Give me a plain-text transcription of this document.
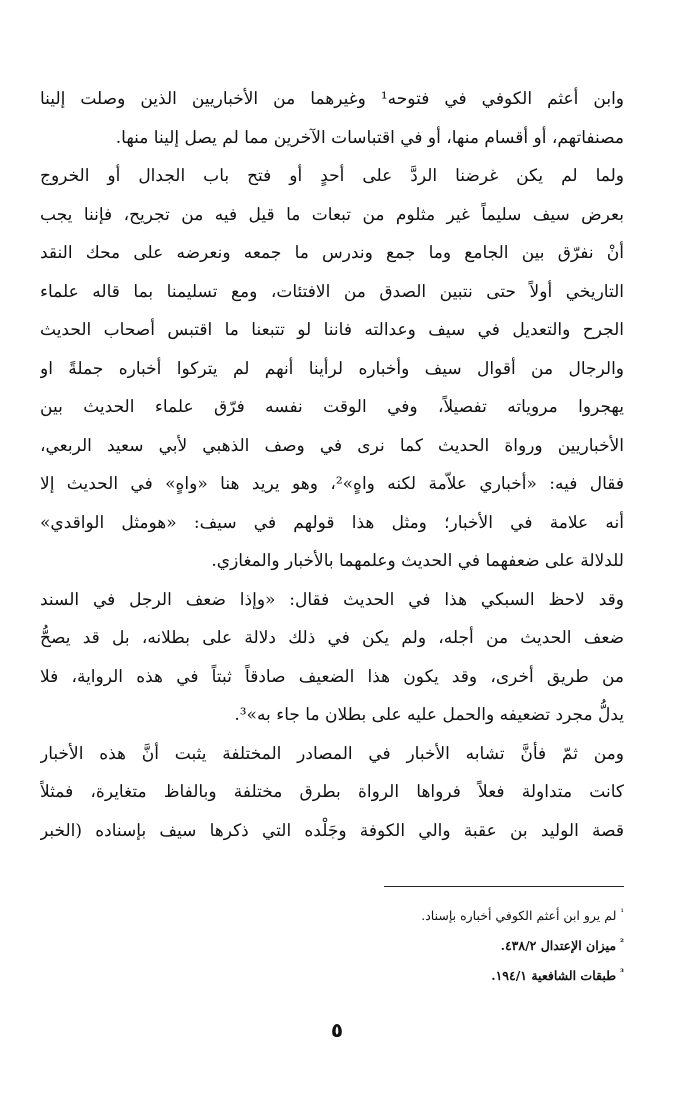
وابن أعثم الكوفي في فتوحه¹ وغيرهما من الأخباريين الذين وصلت إلينا
مصنفاتهم، أو أقسام منها، أو في اقتباسات الآخرين مما لم يصل إلينا منها.
ولما لم يكن غرضنا الردَّ على أحدٍ أو فتح باب الجدال أو الخروج
بعرض سيف سليماً غير مثلوم من تبعات ما قيل فيه من تجريح، فإننا يجب
أنْ نفرّق بين الجامع وما جمع وندرس ما جمعه ونعرضه على محك النقد
التاريخي أولاً حتى نتبين الصدق من الافتئات، ومع تسليمنا بما قاله علماء
الجرح والتعديل في سيف وعدالته فاننا لو تتبعنا ما اقتبس أصحاب الحديث
والرجال من أقوال سيف وأخباره لرأينا أنهم لم يتركوا أخباره جملةً او
يهجروا مروياته تفصيلاً، وفي الوقت نفسه فرّق علماء الحديث بين
الأخباريين ورواة الحديث كما نرى في وصف الذهبي لأبي سعيد الربعي،
فقال فيه: «أخباري علاّمة لكنه واهٍ»²، وهو يريد هنا «واهٍ» في الحديث إلا
أنه علامة في الأخبار؛ ومثل هذا قولهم في سيف: «هومثل الواقدي»
للدلالة على ضعفهما في الحديث وعلمهما بالأخبار والمغازي.
وقد لاحظ السبكي هذا في الحديث فقال: «وإذا ضعف الرجل في السند
ضعف الحديث من أجله، ولم يكن في ذلك دلالة على بطلانه، بل قد يصحُّ
من طريق أخرى، وقد يكون هذا الضعيف صادقاً ثبتاً في هذه الرواية، فلا
يدلُّ مجرد تضعيفه والحمل عليه على بطلان ما جاء به»³.
ومن ثمّ فأنَّ تشابه الأخبار في المصادر المختلفة يثبت أنَّ هذه الأخبار
كانت متداولة فعلاً فرواها الرواة بطرق مختلفة وبالفاظ متغايرة، فمثلاً
قصة الوليد بن عقبة والي الكوفة وجَلْده التي ذكرها سيف بإسناده (الخبر
$^{^1}$لم يرو ابن أعثم الكوفي أخباره بإسناد.
$^{^2}$ميزان الإعتدال ٤٣٨/٢.
$^{^3}$طبقات الشافعية ١٩٤/١.
٥
